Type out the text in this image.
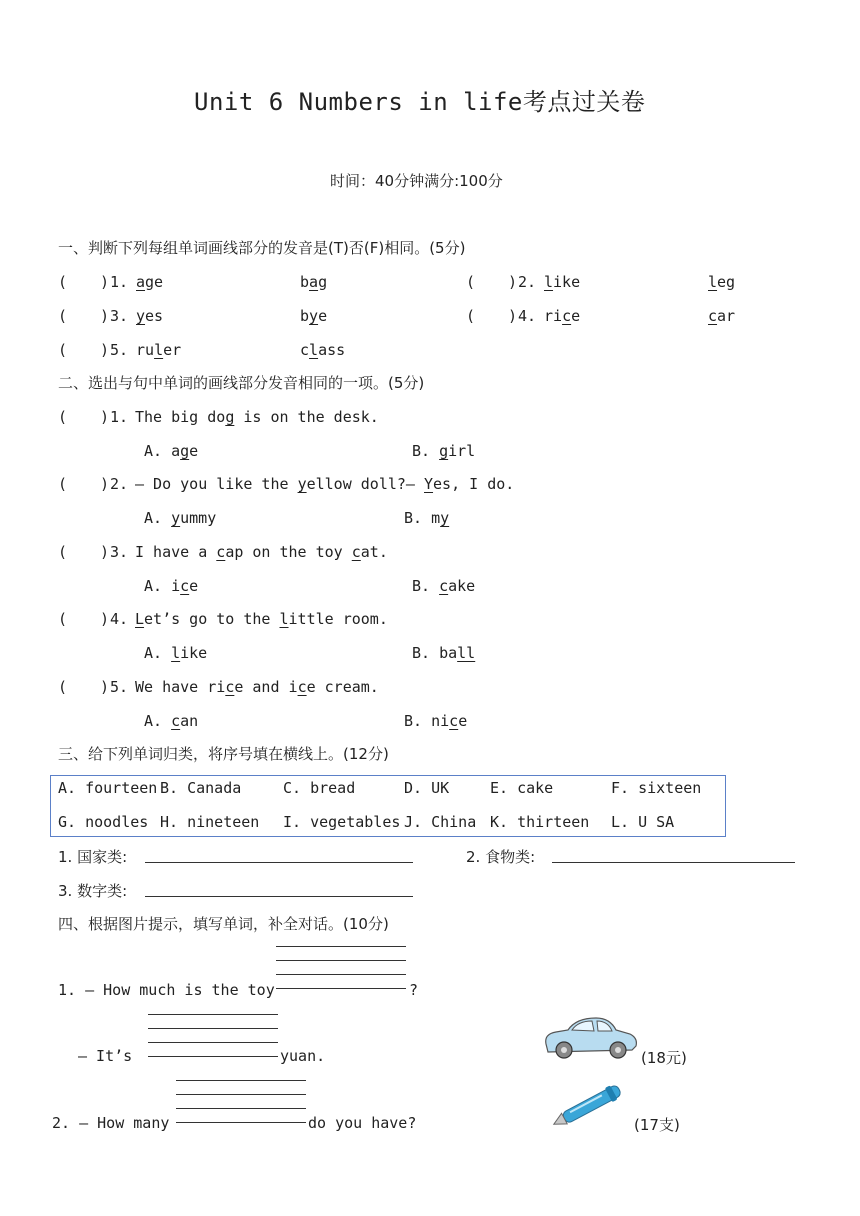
Unit 6 Numbers in life考点过关卷
时间：40分钟满分:100分
一、判断下列每组单词画线部分的发音是(T)否(F)相同。(5分)
( ) 1. age	bag	( ) 2. like	leg
( ) 3. yes	bye	( ) 4. rice	car
( ) 5. ruler	class
二、选出与句中单词的画线部分发音相同的一项。(5分)
( ) 1. The big dog is on the desk.
A. age	B. girl
( ) 2. — Do you like the yellow doll?— Yes, I do.
A. yummy	B. my
( ) 3. I have a cap on the toy cat.
A. ice	B. cake
( ) 4. Let’s go to the little room.
A. like	B. ball
( ) 5. We have rice and ice cream.
A. can	B. nice
三、给下列单词归类，将序号填在横线上。(12分)
A. fourteen B. Canada	C. bread	D. UK	E. cake	F. sixteen
G. noodles H. nineteen I. vegetables J. China K. thirteen L. U SA
1. 国家类:	2. 食物类:
3. 数字类:
四、根据图片提示，填写单词，补全对话。(10分)
1. — How much is the toy	?
— It’s	yuan.	(18元)
2. — How many	do you have?	(17支)
